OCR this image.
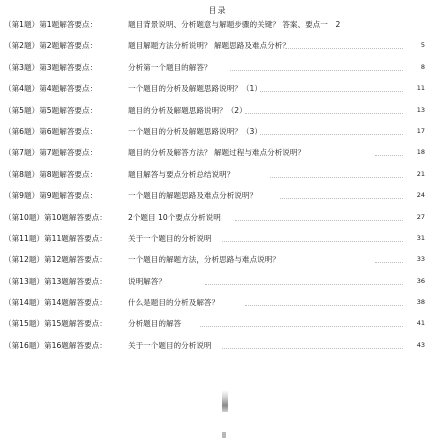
目录
（第1题）第1题解答要点：	题目背景说明、分析题意与解题步骤的关键？ 答案、要点一　2
（第2题）第2题解答要点：	题目解题方法分析说明？ 解题思路及难点分析？	5
（第3题）第3题解答要点：	分析第一个题目的解答？	8
（第4题）第4题解答要点：	一个题目的分析及解题思路说明？（1）	11
（第5题）第5题解答要点：	题目的分析及解题思路说明？（2）	13
（第6题）第6题解答要点：	一个题目的分析及解题思路说明？（3）	17
（第7题）第7题解答要点：	题目的分析及解答方法？ 解题过程与难点分析说明？	18
（第8题）第8题解答要点：	题目解答与要点分析总结说明？	21
（第9题）第9题解答要点：	一个题目的解题思路及难点分析说明？	24
（第10题）第10题解答要点：	2个题目 10个要点分析说明	27
（第11题）第11题解答要点：	关于一个题目的分析说明	31
（第12题）第12题解答要点：	一个题目的解题方法，分析思路与难点说明？	33
（第13题）第13题解答要点：	说明解答？	36
（第14题）第14题解答要点：	什么是题目的分析及解答？	38
（第15题）第15题解答要点：	分析题目的解答	41
（第16题）第16题解答要点：	关于一个题目的分析说明	43
